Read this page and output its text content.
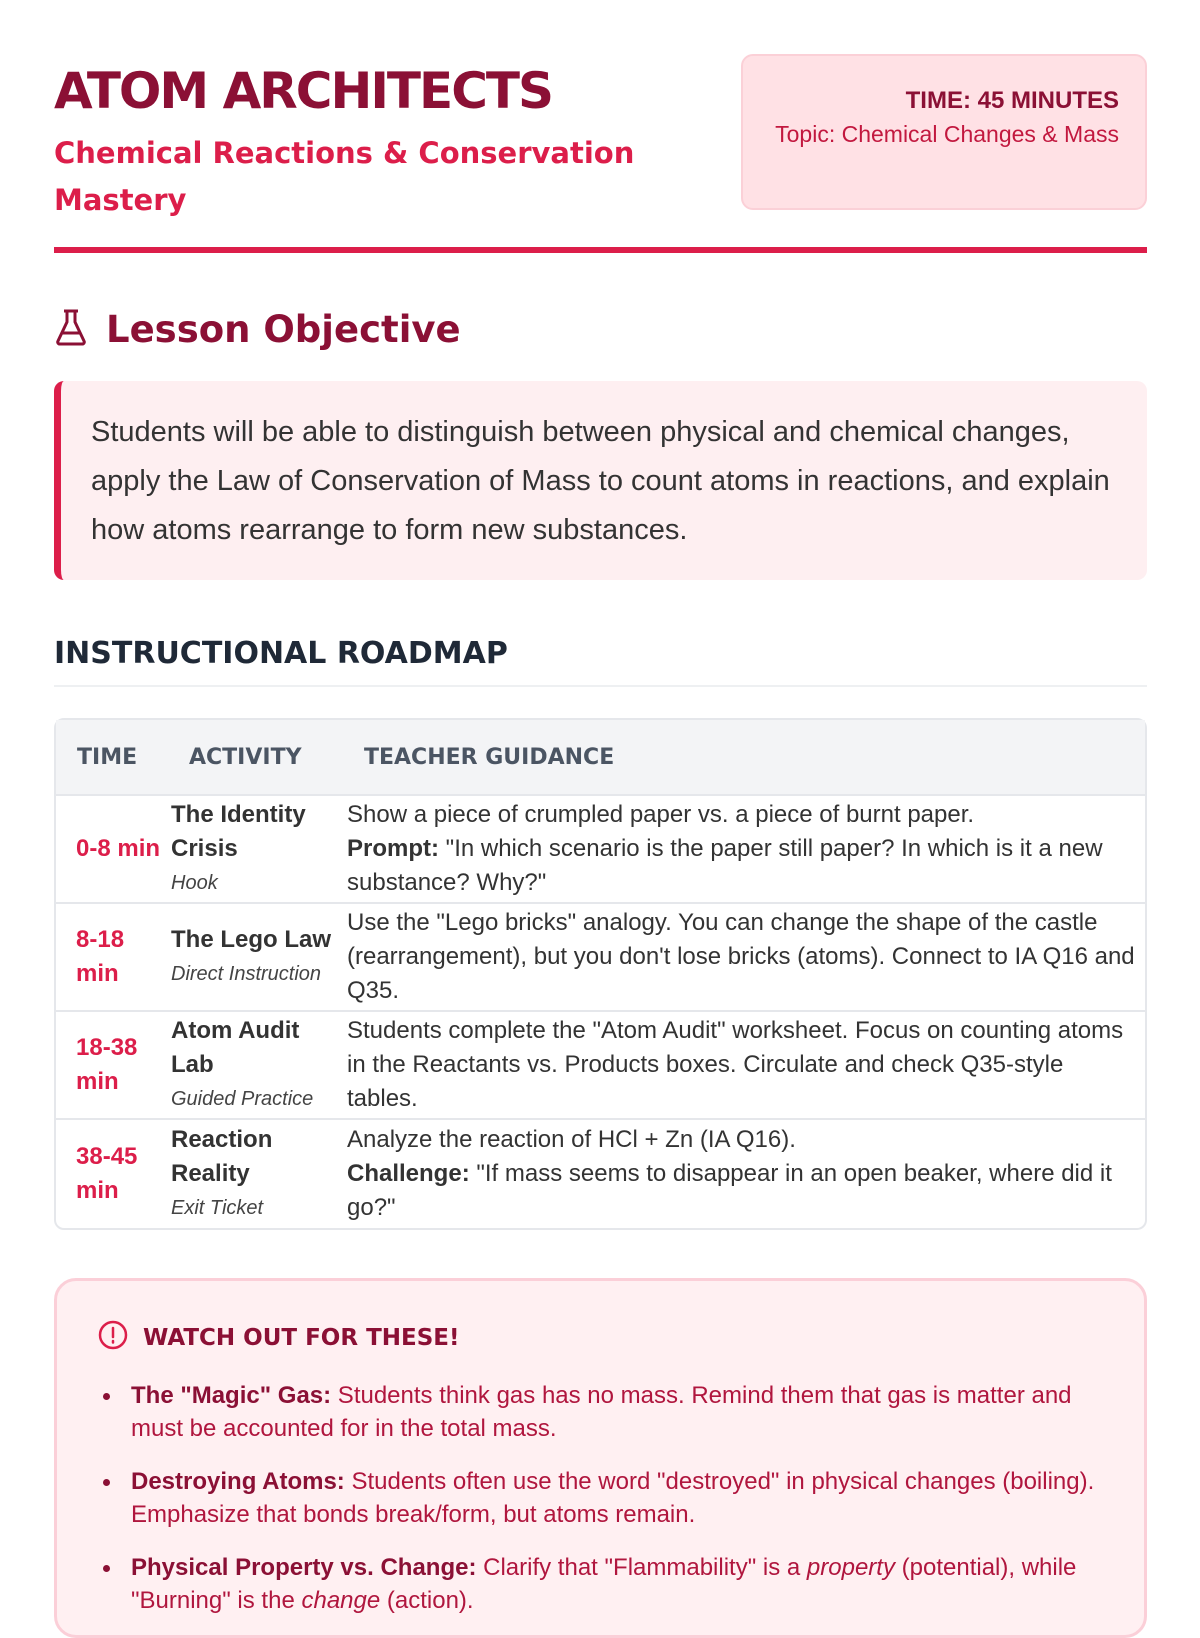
ATOM ARCHITECTS
Chemical Reactions & Conservation Mastery
TIME: 45 MINUTES
Topic: Chemical Changes & Mass
Lesson Objective
Students will be able to distinguish between physical and chemical changes, apply the Law of Conservation of Mass to count atoms in reactions, and explain how atoms rearrange to form new substances.
INSTRUCTIONAL ROADMAP
TIME	ACTIVITY	TEACHER GUIDANCE
0-8 min
The Identity Crisis
Hook
Show a piece of crumpled paper vs. a piece of burnt paper.
Prompt: "In which scenario is the paper still paper? In which is it a new substance? Why?"
8-18 min
The Lego Law
Direct Instruction
Use the "Lego bricks" analogy. You can change the shape of the castle (rearrangement), but you don't lose bricks (atoms). Connect to IA Q16 and Q35.
18-38 min
Atom Audit Lab
Guided Practice
Students complete the "Atom Audit" worksheet. Focus on counting atoms in the Reactants vs. Products boxes. Circulate and check Q35-style tables.
38-45 min
Reaction Reality
Exit Ticket
Analyze the reaction of HCl + Zn (IA Q16).
Challenge: "If mass seems to disappear in an open beaker, where did it go?"
WATCH OUT FOR THESE!
The "Magic" Gas: Students think gas has no mass. Remind them that gas is matter and must be accounted for in the total mass.
Destroying Atoms: Students often use the word "destroyed" in physical changes (boiling). Emphasize that bonds break/form, but atoms remain.
Physical Property vs. Change: Clarify that "Flammability" is a property (potential), while "Burning" is the change (action).
